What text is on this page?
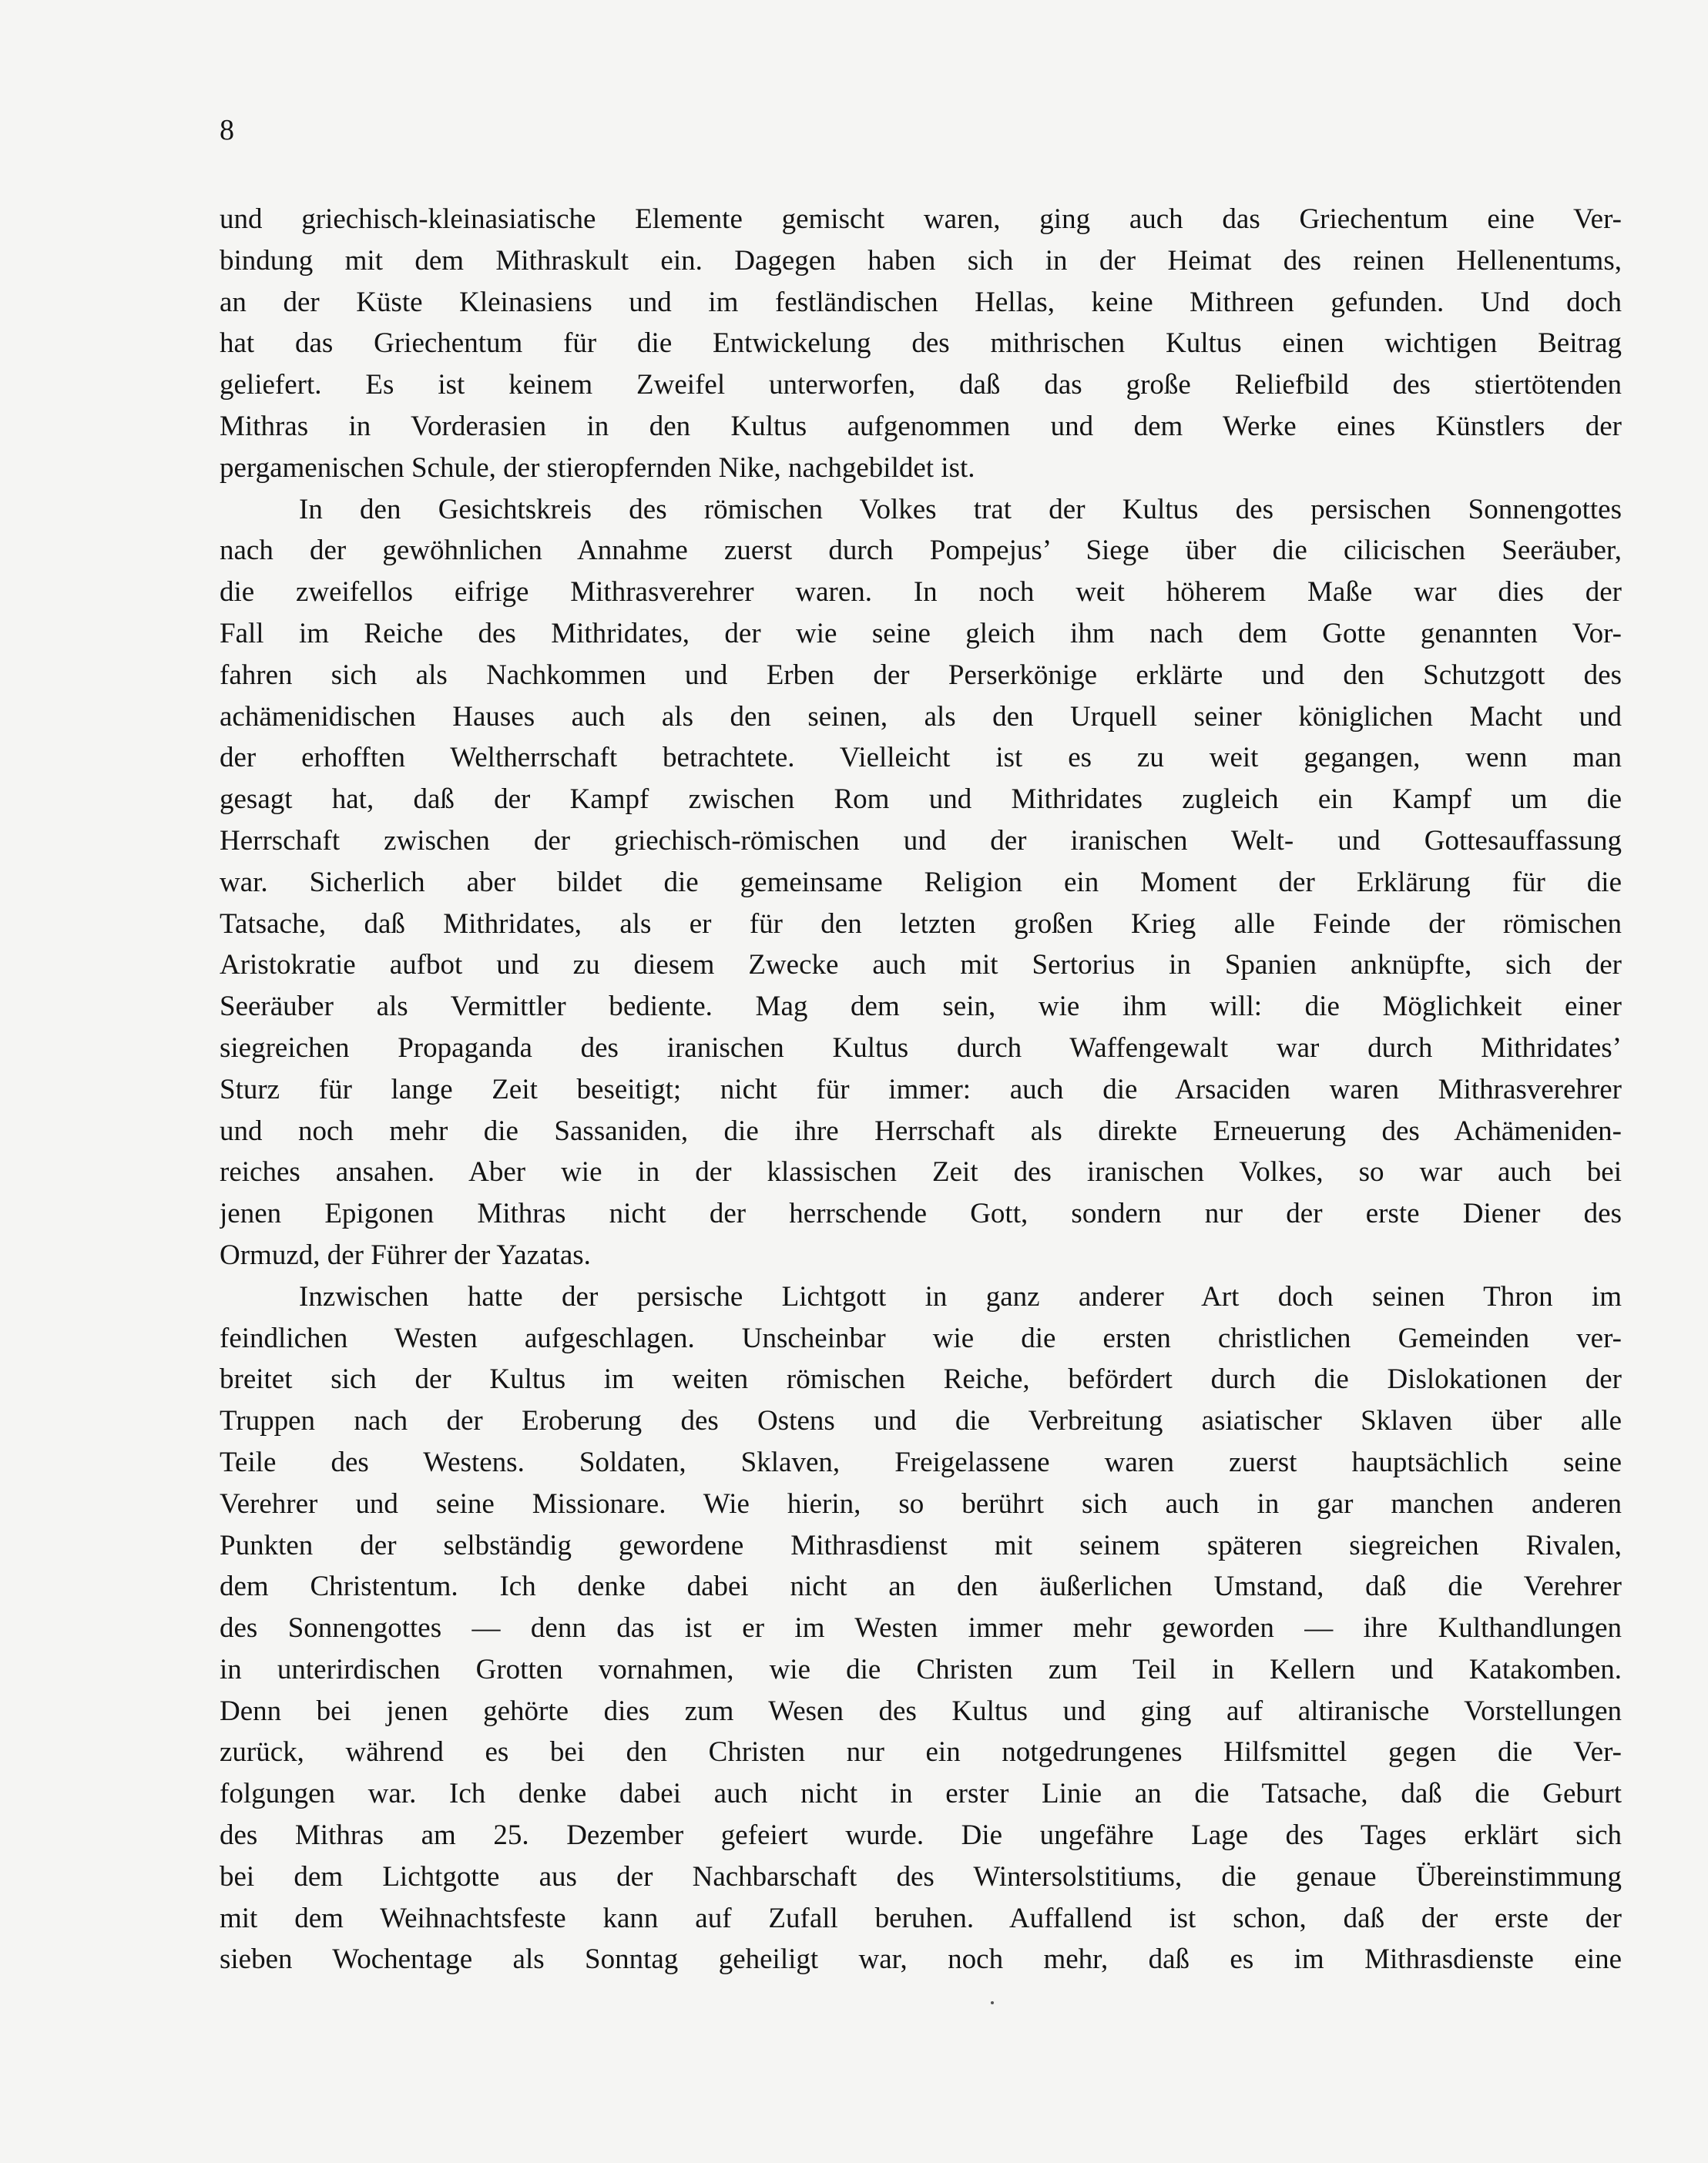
8
und griechisch-kleinasiatische Elemente gemischt waren, ging auch das Griechentum eine Ver-
bindung mit dem Mithraskult ein. Dagegen haben sich in der Heimat des reinen Hellenentums,
an der Küste Kleinasiens und im festländischen Hellas, keine Mithreen gefunden. Und doch
hat das Griechentum für die Entwickelung des mithrischen Kultus einen wichtigen Beitrag
geliefert. Es ist keinem Zweifel unterworfen, daß das große Reliefbild des stiertötenden
Mithras in Vorderasien in den Kultus aufgenommen und dem Werke eines Künstlers der
pergamenischen Schule, der stieropfernden Nike, nachgebildet ist.
In den Gesichtskreis des römischen Volkes trat der Kultus des persischen Sonnengottes
nach der gewöhnlichen Annahme zuerst durch Pompejus’ Siege über die cilicischen Seeräuber,
die zweifellos eifrige Mithrasverehrer waren. In noch weit höherem Maße war dies der
Fall im Reiche des Mithridates, der wie seine gleich ihm nach dem Gotte genannten Vor-
fahren sich als Nachkommen und Erben der Perserkönige erklärte und den Schutzgott des
achämenidischen Hauses auch als den seinen, als den Urquell seiner königlichen Macht und
der erhofften Weltherrschaft betrachtete. Vielleicht ist es zu weit gegangen, wenn man
gesagt hat, daß der Kampf zwischen Rom und Mithridates zugleich ein Kampf um die
Herrschaft zwischen der griechisch-römischen und der iranischen Welt- und Gottesauffassung
war. Sicherlich aber bildet die gemeinsame Religion ein Moment der Erklärung für die
Tatsache, daß Mithridates, als er für den letzten großen Krieg alle Feinde der römischen
Aristokratie aufbot und zu diesem Zwecke auch mit Sertorius in Spanien anknüpfte, sich der
Seeräuber als Vermittler bediente. Mag dem sein, wie ihm will: die Möglichkeit einer
siegreichen Propaganda des iranischen Kultus durch Waffengewalt war durch Mithridates’
Sturz für lange Zeit beseitigt; nicht für immer: auch die Arsaciden waren Mithrasverehrer
und noch mehr die Sassaniden, die ihre Herrschaft als direkte Erneuerung des Achämeniden-
reiches ansahen. Aber wie in der klassischen Zeit des iranischen Volkes, so war auch bei
jenen Epigonen Mithras nicht der herrschende Gott, sondern nur der erste Diener des
Ormuzd, der Führer der Yazatas.
Inzwischen hatte der persische Lichtgott in ganz anderer Art doch seinen Thron im
feindlichen Westen aufgeschlagen. Unscheinbar wie die ersten christlichen Gemeinden ver-
breitet sich der Kultus im weiten römischen Reiche, befördert durch die Dislokationen der
Truppen nach der Eroberung des Ostens und die Verbreitung asiatischer Sklaven über alle
Teile des Westens. Soldaten, Sklaven, Freigelassene waren zuerst hauptsächlich seine
Verehrer und seine Missionare. Wie hierin, so berührt sich auch in gar manchen anderen
Punkten der selbständig gewordene Mithrasdienst mit seinem späteren siegreichen Rivalen,
dem Christentum. Ich denke dabei nicht an den äußerlichen Umstand, daß die Verehrer
des Sonnengottes — denn das ist er im Westen immer mehr geworden — ihre Kulthandlungen
in unterirdischen Grotten vornahmen, wie die Christen zum Teil in Kellern und Katakomben.
Denn bei jenen gehörte dies zum Wesen des Kultus und ging auf altiranische Vorstellungen
zurück, während es bei den Christen nur ein notgedrungenes Hilfsmittel gegen die Ver-
folgungen war. Ich denke dabei auch nicht in erster Linie an die Tatsache, daß die Geburt
des Mithras am 25. Dezember gefeiert wurde. Die ungefähre Lage des Tages erklärt sich
bei dem Lichtgotte aus der Nachbarschaft des Wintersolstitiums, die genaue Übereinstimmung
mit dem Weihnachtsfeste kann auf Zufall beruhen. Auffallend ist schon, daß der erste der
sieben Wochentage als Sonntag geheiligt war, noch mehr, daß es im Mithrasdienste eine
